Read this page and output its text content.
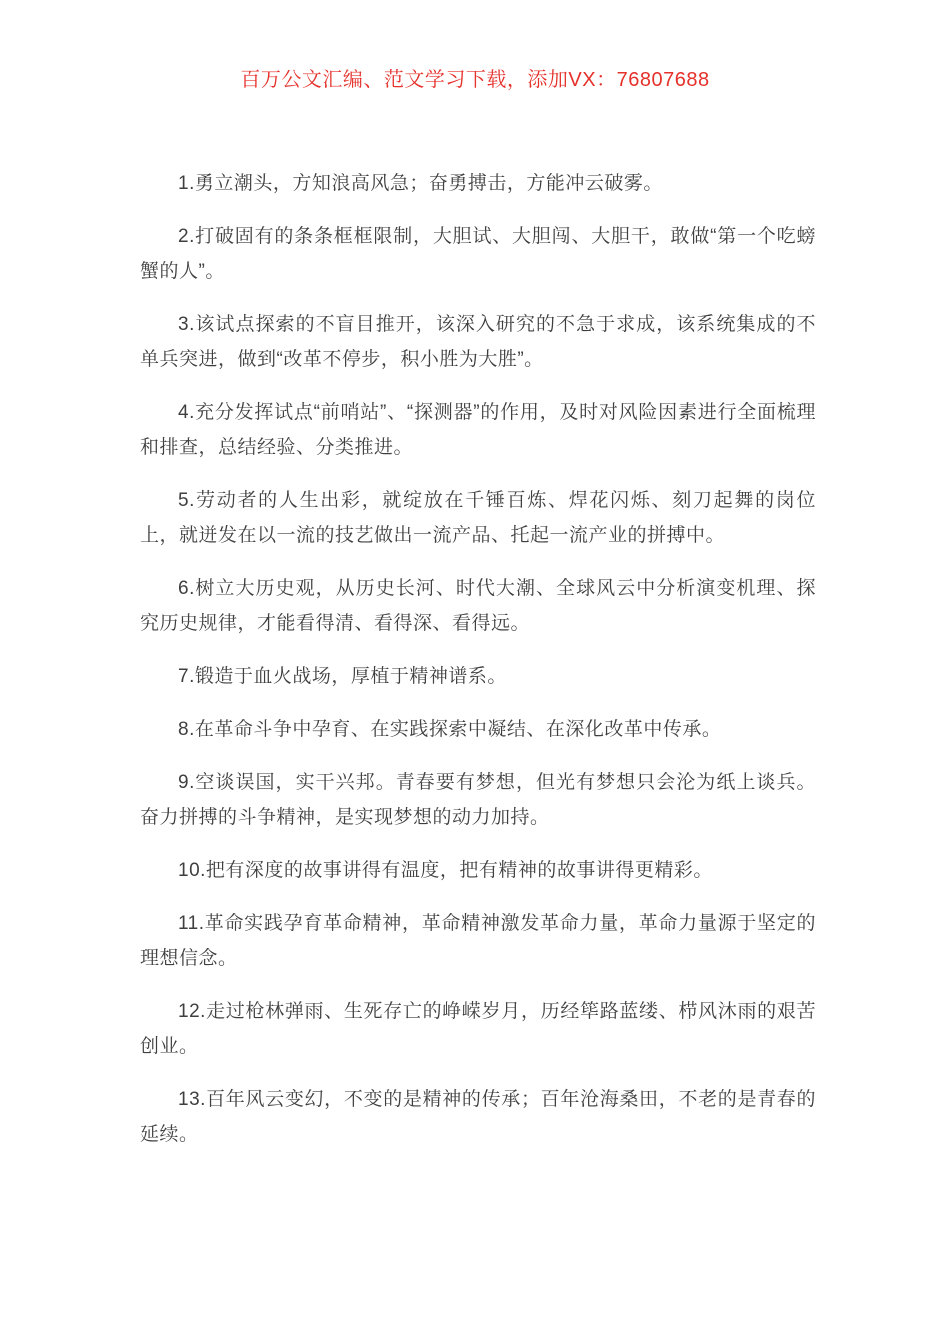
百万公文汇编、范文学习下载，添加VX：76807688

1.勇立潮头，方知浪高风急；奋勇搏击，方能冲云破雾。

2.打破固有的条条框框限制，大胆试、大胆闯、大胆干，敢做“第一个吃螃蟹的人”。

3.该试点探索的不盲目推开，该深入研究的不急于求成，该系统集成的不单兵突进，做到“改革不停步，积小胜为大胜”。

4.充分发挥试点“前哨站”、“探测器”的作用，及时对风险因素进行全面梳理和排查，总结经验、分类推进。

5.劳动者的人生出彩，就绽放在千锤百炼、焊花闪烁、刻刀起舞的岗位上，就迸发在以一流的技艺做出一流产品、托起一流产业的拼搏中。

6.树立大历史观，从历史长河、时代大潮、全球风云中分析演变机理、探究历史规律，才能看得清、看得深、看得远。

7.锻造于血火战场，厚植于精神谱系。

8.在革命斗争中孕育、在实践探索中凝结、在深化改革中传承。

9.空谈误国，实干兴邦。青春要有梦想，但光有梦想只会沦为纸上谈兵。奋力拼搏的斗争精神，是实现梦想的动力加持。

10.把有深度的故事讲得有温度，把有精神的故事讲得更精彩。

11.革命实践孕育革命精神，革命精神激发革命力量，革命力量源于坚定的理想信念。

12.走过枪林弹雨、生死存亡的峥嵘岁月，历经筚路蓝缕、栉风沐雨的艰苦创业。

13.百年风云变幻，不变的是精神的传承；百年沧海桑田，不老的是青春的延续。
